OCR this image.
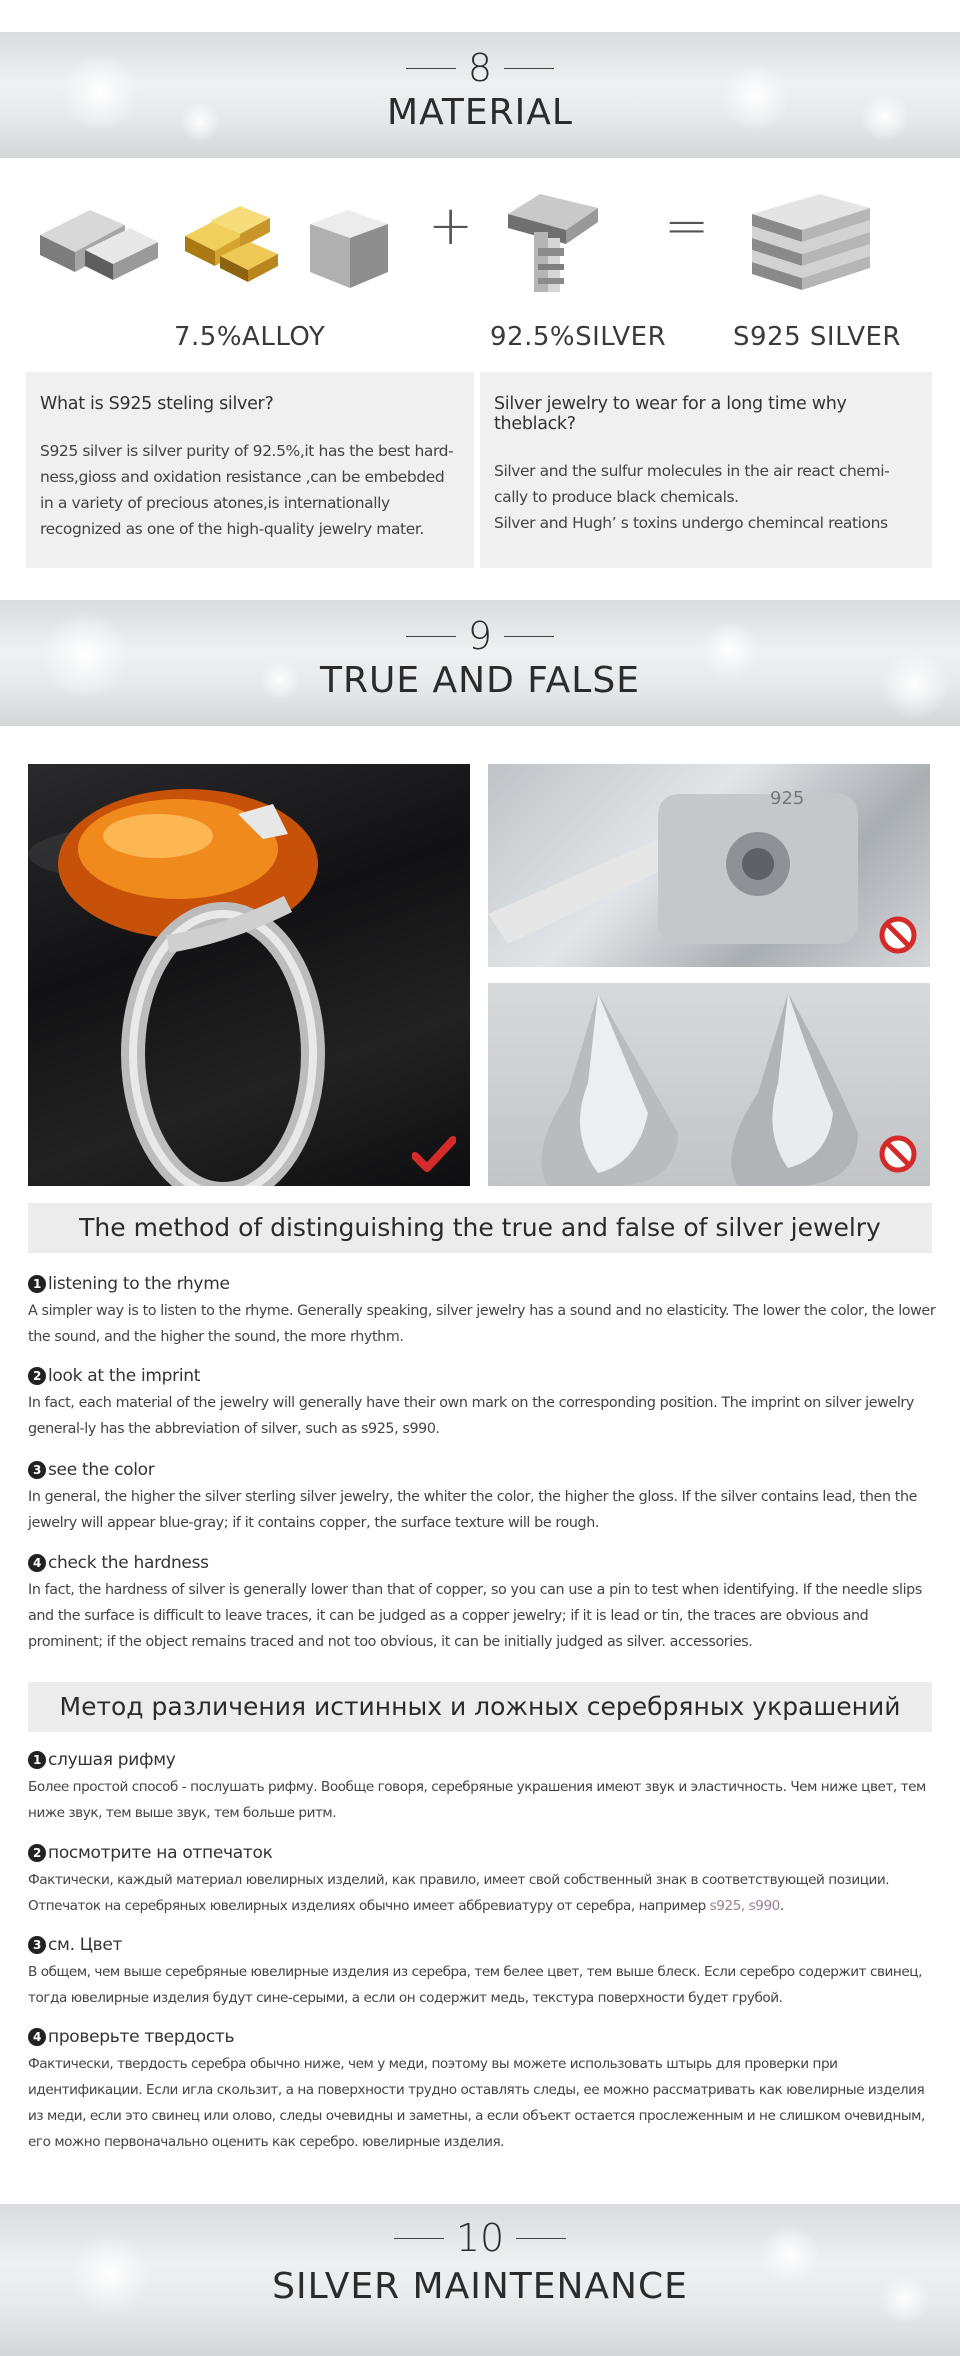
8
MATERIAL
+	=
7.5%ALLOY	92.5%SILVER	S925 SILVER
What is S925 steling silver?

S925 silver is silver purity of 92.5%,it has the best hard-ness,gioss and oxidation resistance ,can be embebded in a variety of precious atones,is internationally recognized as one of the high-quality jewelry mater.

Silver jewelry to wear for a long time why theblack?

Silver and the sulfur molecules in the air react chemi-cally to produce black chemicals.

Silver and Hugh’ s toxins undergo chemincal reations

9
TRUE AND FALSE
925
The method of distinguishing the true and false of silver jewelry
1 listening to the rhyme
A simpler way is to listen to the rhyme. Generally speaking, silver jewelry has a sound and no elasticity. The lower the color, the lower the sound, and the higher the sound, the more rhythm.
2 look at the imprint
In fact, each material of the jewelry will generally have their own mark on the corresponding position. The imprint on silver jewelry general-ly has the abbreviation of silver, such as s925, s990.
3 see the color
In general, the higher the silver sterling silver jewelry, the whiter the color, the higher the gloss. If the silver contains lead, then the jewelry will appear blue-gray; if it contains copper, the surface texture will be rough.
4 check the hardness
In fact, the hardness of silver is generally lower than that of copper, so you can use a pin to test when identifying. If the needle slips and the surface is difficult to leave traces, it can be judged as a copper jewelry; if it is lead or tin, the traces are obvious and prominent; if the object remains traced and not too obvious, it can be initially judged as silver. accessories.
Метод различения истинных и ложных серебряных украшений
1 слушая рифму
Более простой способ - послушать рифму. Вообще говоря, серебряные украшения имеют звук и эластичность. Чем ниже цвет, тем ниже звук, тем выше звук, тем больше ритм.
2 посмотрите на отпечаток
Фактически, каждый материал ювелирных изделий, как правило, имеет свой собственный знак в соответствующей позиции. Отпечаток на серебряных ювелирных изделиях обычно имеет аббревиатуру от серебра, например s925, s990.
3 см. Цвет
В общем, чем выше серебряные ювелирные изделия из серебра, тем белее цвет, тем выше блеск. Если серебро содержит свинец, тогда ювелирные изделия будут сине-серыми, а если он содержит медь, текстура поверхности будет грубой.
4 проверьте твердость
Фактически, твердость серебра обычно ниже, чем у меди, поэтому вы можете использовать штырь для проверки при идентификации. Если игла скользит, а на поверхности трудно оставлять следы, ее можно рассматривать как ювелирные изделия из меди, если это свинец или олово, следы очевидны и заметны, а если объект остается прослеженным и не слишком очевидным, его можно первоначально оценить как серебро. ювелирные изделия.
10
SILVER MAINTENANCE
